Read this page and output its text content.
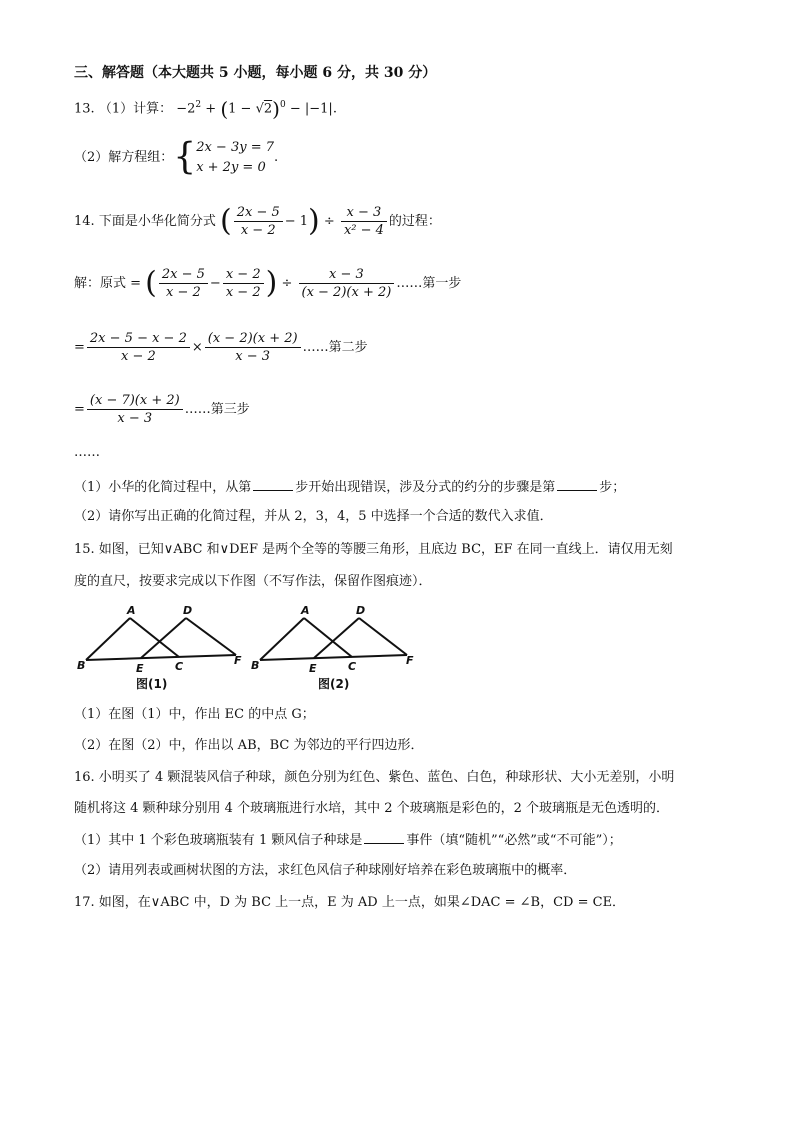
三、解答题（本大题共 5 小题，每小题 6 分，共 30 分）
13. （1）计算： $-2^2 + (1 - √2)^0 - |-1|$.
（2）解方程组：{ 2x − 3y = 7
x + 2y = 0
.
14. 下面是小华化简分式 ( $\frac{2x - 5}{x - 2} - 1) \div \frac{x - 3}{\text{x² − 4}}$ 的过程：
解：原式 = ( $\frac{2x - 5}{x - 2} - \frac{x - 2}{x - 2}$ ) ÷ $\frac{x - 3}{(x - 2)(x + 2)}$ ……第一步
= $\frac{2x - 5 - x - 2}{x - 2} \times \frac{(x - 2)(x + 2)}{x - 3}$ ……第二步
= $\frac{(x - 7)(x + 2)}{x - 3}$ ……第三步
……
（1）小华的化简过程中，从第	步开始出现错误，涉及分式的约分的步骤是第	步；
（2）请你写出正确的化简过程，并从 2，3，4，5 中选择一个合适的数代入求值．
15. 如图，已知∨ABC 和∨DEF 是两个全等的等腰三角形，且底边 BC，EF 在同一直线上．请仅用无刻
度的直尺，按要求完成以下作图（不写作法，保留作图痕迹）．
A	D
B	E	C	F
图(1)
A	D
B	E	C	F
图(2)
（1）在图（1）中，作出 EC 的中点 G；
（2）在图（2）中，作出以 AB，BC 为邻边的平行四边形．
16. 小明买了 4 颗混装风信子种球，颜色分别为红色、紫色、蓝色、白色，种球形状、大小无差别，小明
随机将这 4 颗种球分别用 4 个玻璃瓶进行水培，其中 2 个玻璃瓶是彩色的，2 个玻璃瓶是无色透明的．
（1）其中 1 个彩色玻璃瓶装有 1 颗风信子种球是	事件（填“随机”“必然”或“不可能”）；
（2）请用列表或画树状图的方法，求红色风信子种球刚好培养在彩色玻璃瓶中的概率．
17. 如图，在∨ABC 中，D 为 BC 上一点，E 为 AD 上一点，如果∠DAC = ∠B，CD = CE．
